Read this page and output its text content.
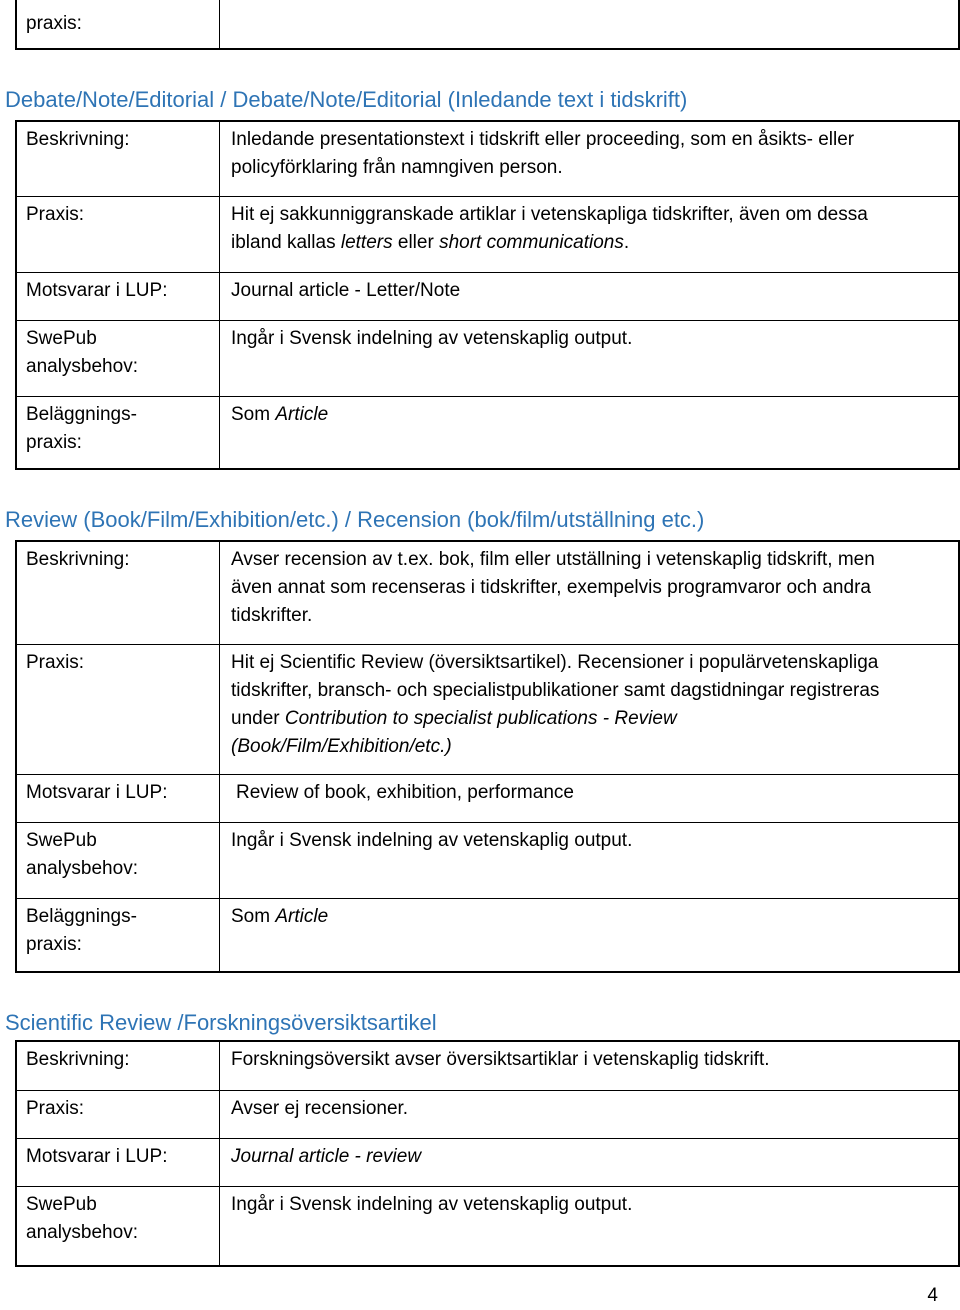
praxis:
Debate/Note/Editorial / Debate/Note/Editorial (Inledande text i tidskrift)
Beskrivning:	Inledande presentationstext i tidskrift eller proceeding, som en åsikts- eller
policyförklaring från namngiven person.
Praxis:	Hit ej sakkunniggranskade artiklar i vetenskapliga tidskrifter, även om dessa
ibland kallas letters eller short communications.
Motsvarar i LUP:	Journal article - Letter/Note
SwePub
analysbehov:
Ingår i Svensk indelning av vetenskaplig output.
Beläggnings-
praxis:
Som Article
Review (Book/Film/Exhibition/etc.) / Recension (bok/film/utställning etc.)
Beskrivning:	Avser recension av t.ex. bok, film eller utställning i vetenskaplig tidskrift, men
även annat som recenseras i tidskrifter, exempelvis programvaror och andra
tidskrifter.
Praxis:	Hit ej Scientific Review (översiktsartikel). Recensioner i populärvetenskapliga
tidskrifter, bransch- och specialistpublikationer samt dagstidningar registreras
under Contribution to specialist publications - Review
(Book/Film/Exhibition/etc.)
Motsvarar i LUP:	Review of book, exhibition, performance
SwePub
analysbehov:
Ingår i Svensk indelning av vetenskaplig output.
Beläggnings-
praxis:
Som Article
Scientific Review /Forskningsöversiktsartikel
Beskrivning:	Forskningsöversikt avser översiktsartiklar i vetenskaplig tidskrift.
Praxis:	Avser ej recensioner.
Motsvarar i LUP:	Journal article - review
SwePub
analysbehov:
Ingår i Svensk indelning av vetenskaplig output.
4
